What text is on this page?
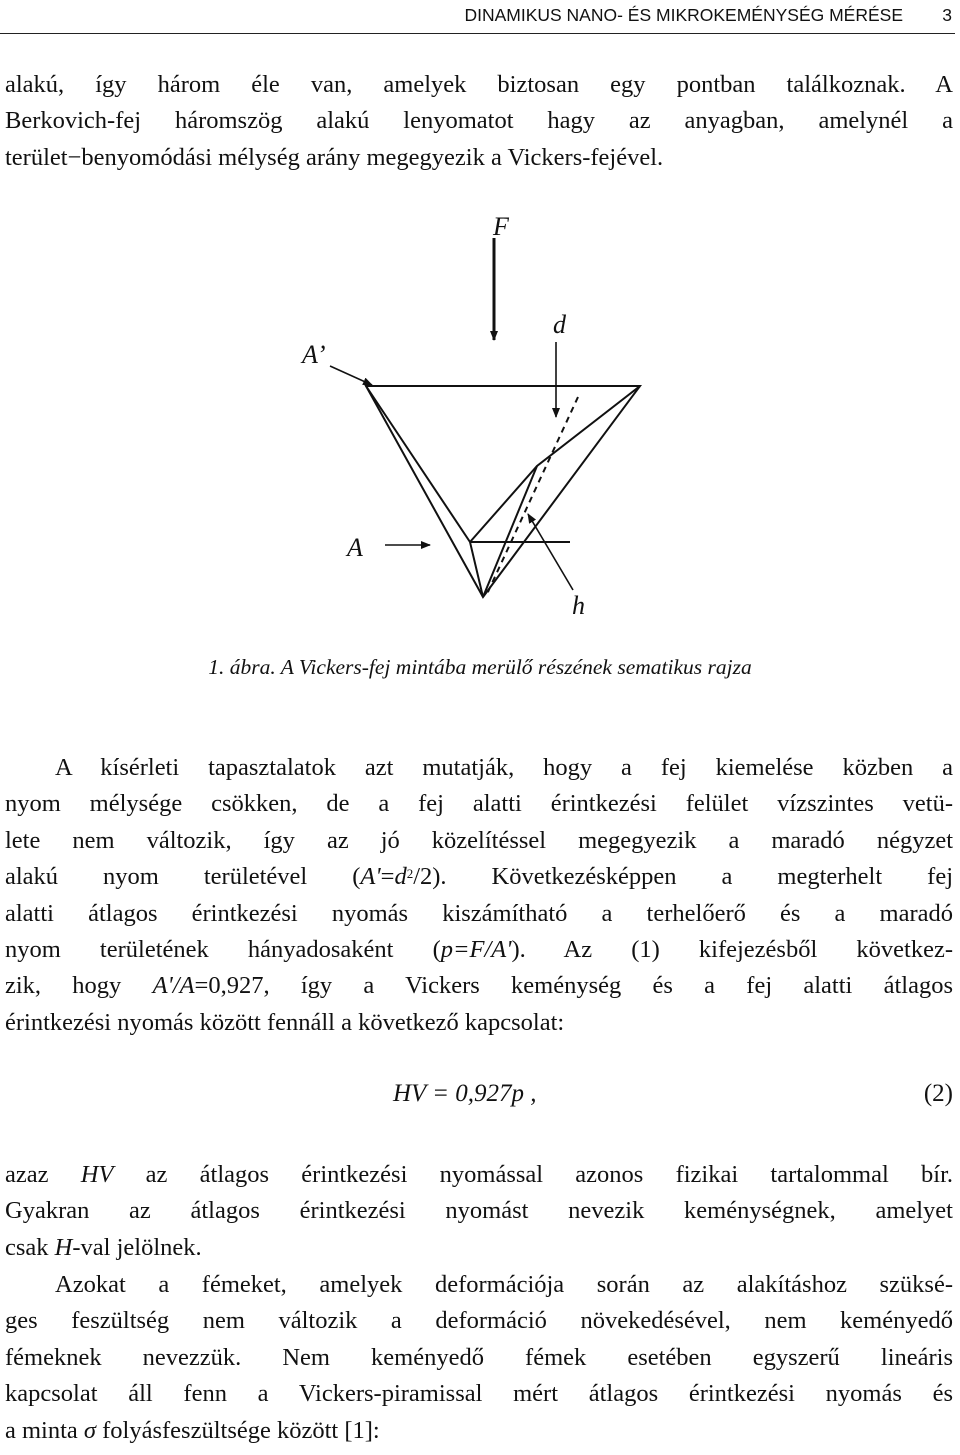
DINAMIKUS NANO- ÉS MIKROKEMÉNYSÉG MÉRÉSE 3
alakú, így három éle van, amelyek biztosan egy pontban találkoznak. A
Berkovich-fej háromszög alakú lenyomatot hagy az anyagban, amelynél a
terület−benyomódási mélység arány megegyezik a Vickers-fejével.
F
A’
d
A
h
1. ábra. A Vickers-fej mintába merülő részének sematikus rajza
A kísérleti tapasztalatok azt mutatják, hogy a fej kiemelése közben a
nyom mélysége csökken, de a fej alatti érintkezési felület vízszintes vetü-
lete nem változik, így az jó közelítéssel megegyezik a maradó négyzet
alakú nyom területével $(A'=d^2/2)$. Következésképpen a megterhelt fej
alatti átlagos érintkezési nyomás kiszámítható a terhelőerő és a maradó
nyom területének hányadosaként (p=F/A'). Az (1) kifejezésből következ-
zik, hogy A'/A=0,927, így a Vickers keménység és a fej alatti átlagos
érintkezési nyomás között fennáll a következő kapcsolat:
HV = 0,927p ,	(2)
azaz HV az átlagos érintkezési nyomással azonos fizikai tartalommal bír.
Gyakran az átlagos érintkezési nyomást nevezik keménységnek, amelyet
csak H-val jelölnek.
Azokat a fémeket, amelyek deformációja során az alakításhoz szüksé-
ges feszültség nem változik a deformáció növekedésével, nem keményedő
fémeknek nevezzük. Nem keményedő fémek esetében egyszerű lineáris
kapcsolat áll fenn a Vickers-piramissal mért átlagos érintkezési nyomás és
a minta σ folyásfeszültsége között [1]:
